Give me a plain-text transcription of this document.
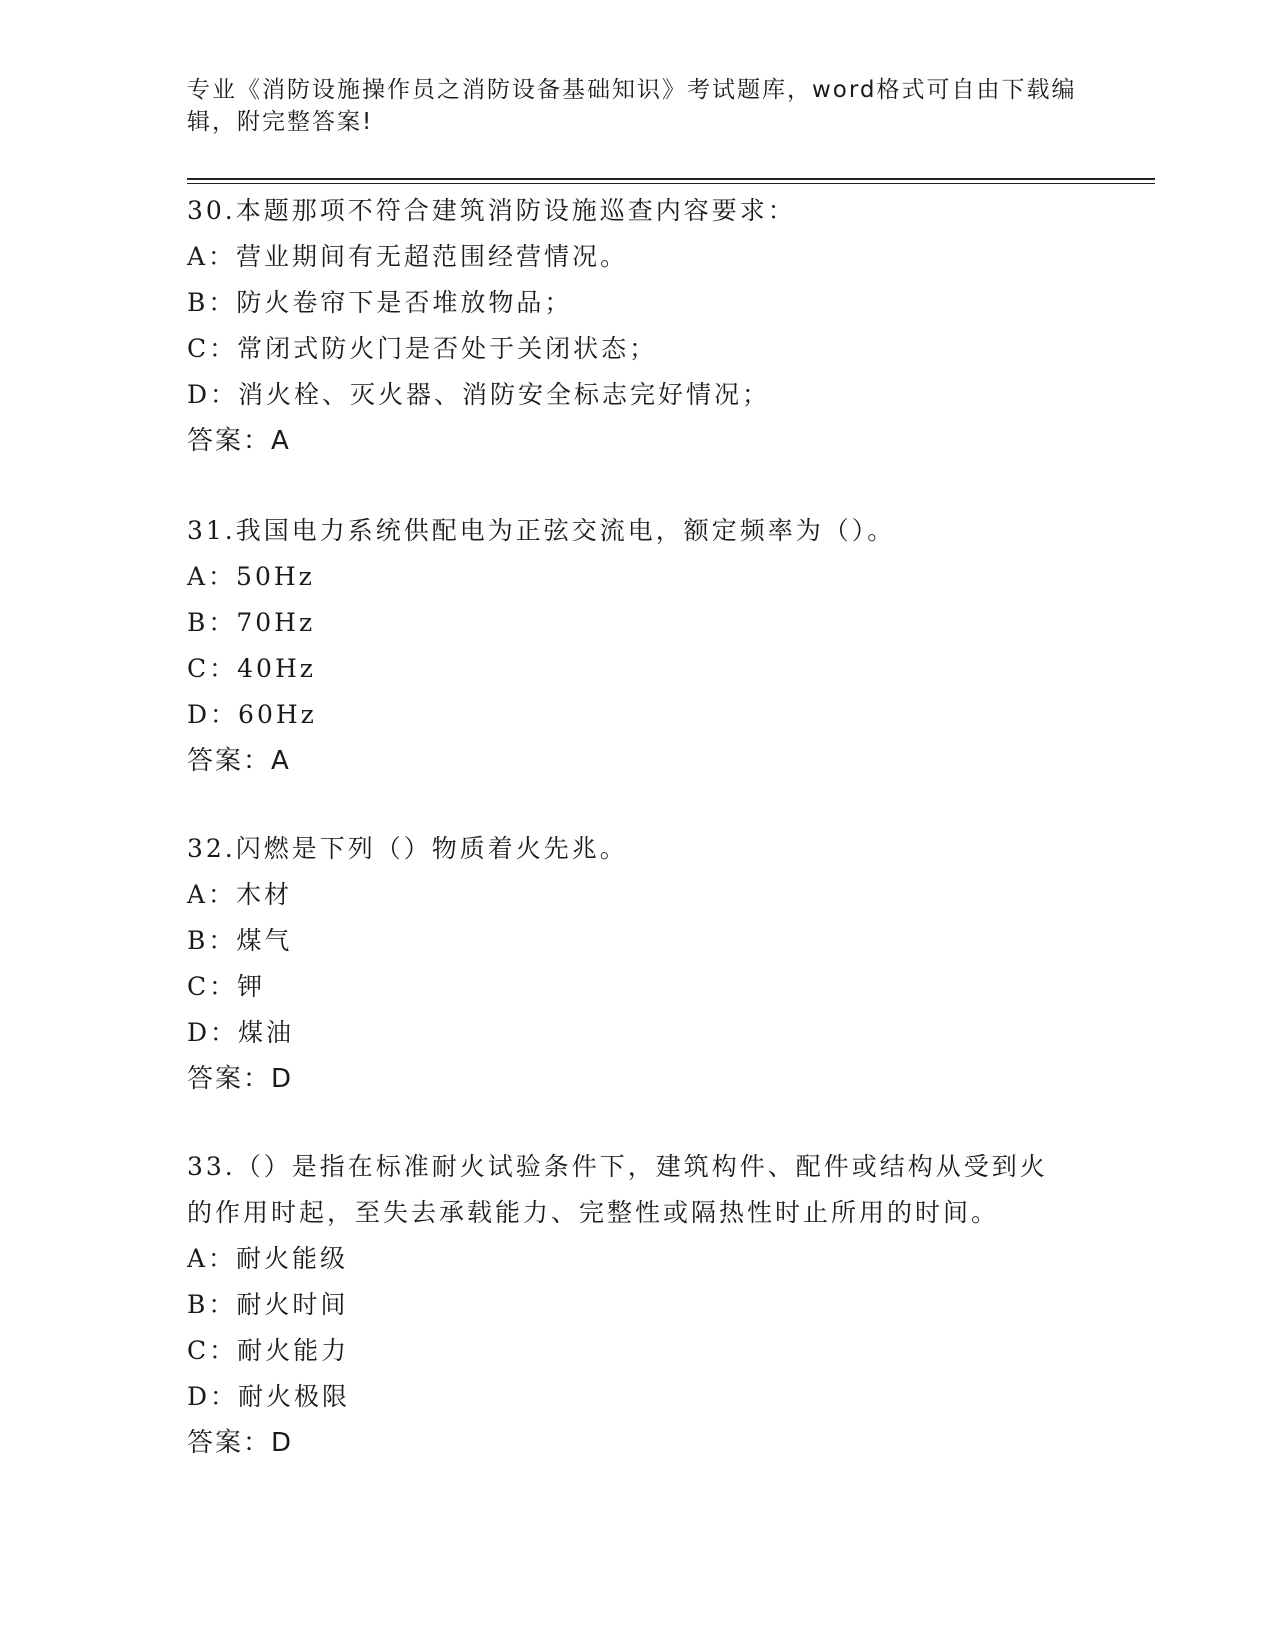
专业《消防设施操作员之消防设备基础知识》考试题库，word格式可自由下载编
辑，附完整答案!
30.本题那项不符合建筑消防设施巡查内容要求：
A：营业期间有无超范围经营情况。
B：防火卷帘下是否堆放物品；
C：常闭式防火门是否处于关闭状态；
D：消火栓、灭火器、消防安全标志完好情况；
答案：A
31.我国电力系统供配电为正弦交流电，额定频率为（）。
A：50Hz
B：70Hz
C：40Hz
D：60Hz
答案：A
32.闪燃是下列（）物质着火先兆。
A：木材
B：煤气
C：钾
D：煤油
答案：D
33.（）是指在标准耐火试验条件下，建筑构件、配件或结构从受到火
的作用时起，至失去承载能力、完整性或隔热性时止所用的时间。
A：耐火能级
B：耐火时间
C：耐火能力
D：耐火极限
答案：D
